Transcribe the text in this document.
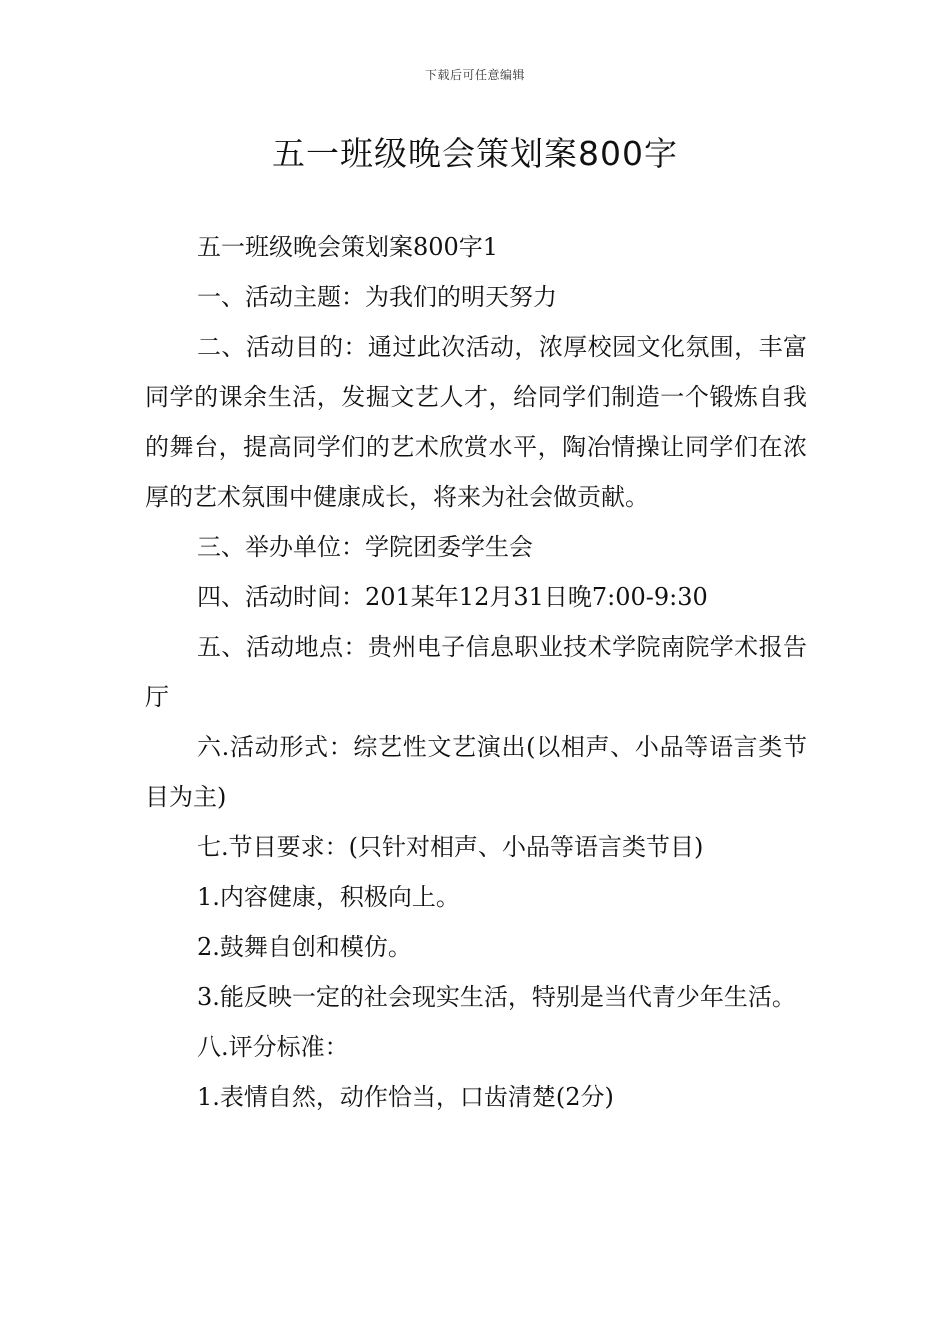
下载后可任意编辑
五一班级晚会策划案800字

五一班级晚会策划案800字1

一、活动主题：为我们的明天努力

二、活动目的：通过此次活动，浓厚校园文化氛围，丰富同学的课余生活，发掘文艺人才，给同学们制造一个锻炼自我的舞台，提高同学们的艺术欣赏水平，陶冶情操让同学们在浓厚的艺术氛围中健康成长，将来为社会做贡献。

三、举办单位：学院团委学生会

四、活动时间：201某年12月31日晚7:00-9:30

五、活动地点：贵州电子信息职业技术学院南院学术报告厅

六.活动形式：综艺性文艺演出(以相声、小品等语言类节目为主)

七.节目要求：(只针对相声、小品等语言类节目)

1.内容健康，积极向上。

2.鼓舞自创和模仿。

3.能反映一定的社会现实生活，特别是当代青少年生活。

八.评分标准：

1.表情自然，动作恰当，口齿清楚(2分)
